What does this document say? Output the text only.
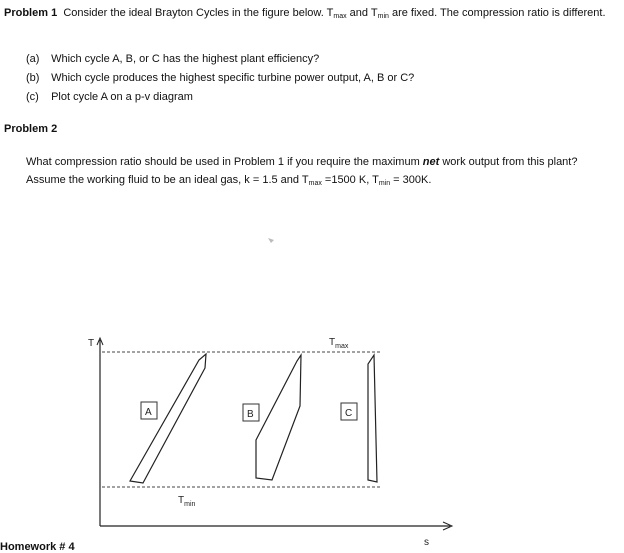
Problem 1 Consider the ideal Brayton Cycles in the figure below. $T_{max}$ and $T_{min}$ are fixed. The compression ratio is different.
(a) Which cycle A, B, or C has the highest plant efficiency?
(b) Which cycle produces the highest specific turbine power output, A, B or C?
(c) Plot cycle A on a p-v diagram
Problem 2
What compression ratio should be used in Problem 1 if you require the maximum net work output from this plant? Assume the working fluid to be an ideal gas, k = 1.5 and $T_{max} =1500$ K, $T_{min} = 300K$.
T
s
$T_{max}$
$T_{min}$
A	B	C
Homework # 4
